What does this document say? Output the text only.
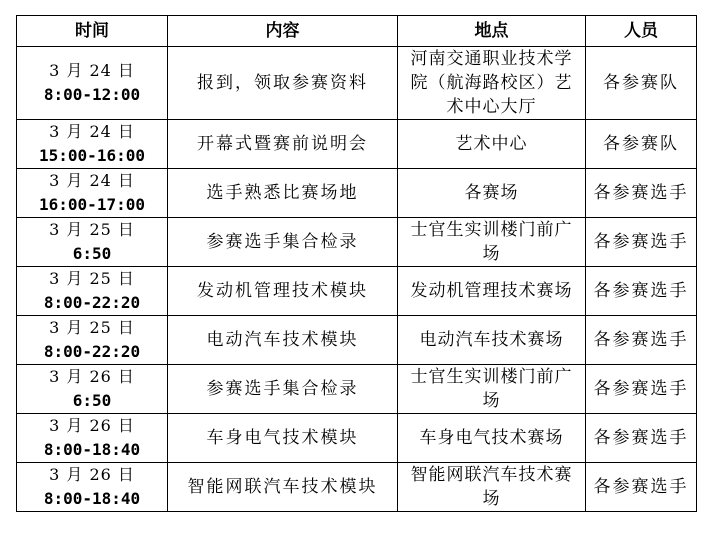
时间	内容	地点	人员

3 月 24 日
8:00-12:00	报到，领取参赛资料	河南交通职业技术学院（航海路校区）艺术中心大厅	各参赛队

3 月 24 日
15:00-16:00	开幕式暨赛前说明会	艺术中心	各参赛队

3 月 24 日
16:00-17:00	选手熟悉比赛场地	各赛场	各参赛选手

3 月 25 日
6:50	参赛选手集合检录	士官生实训楼门前广场	各参赛选手

3 月 25 日
8:00-22:20	发动机管理技术模块	发动机管理技术赛场	各参赛选手

3 月 25 日
8:00-22:20	电动汽车技术模块	电动汽车技术赛场	各参赛选手

3 月 26 日
6:50	参赛选手集合检录	士官生实训楼门前广场	各参赛选手

3 月 26 日
8:00-18:40	车身电气技术模块	车身电气技术赛场	各参赛选手

3 月 26 日
8:00-18:40	智能网联汽车技术模块	智能网联汽车技术赛场	各参赛选手
